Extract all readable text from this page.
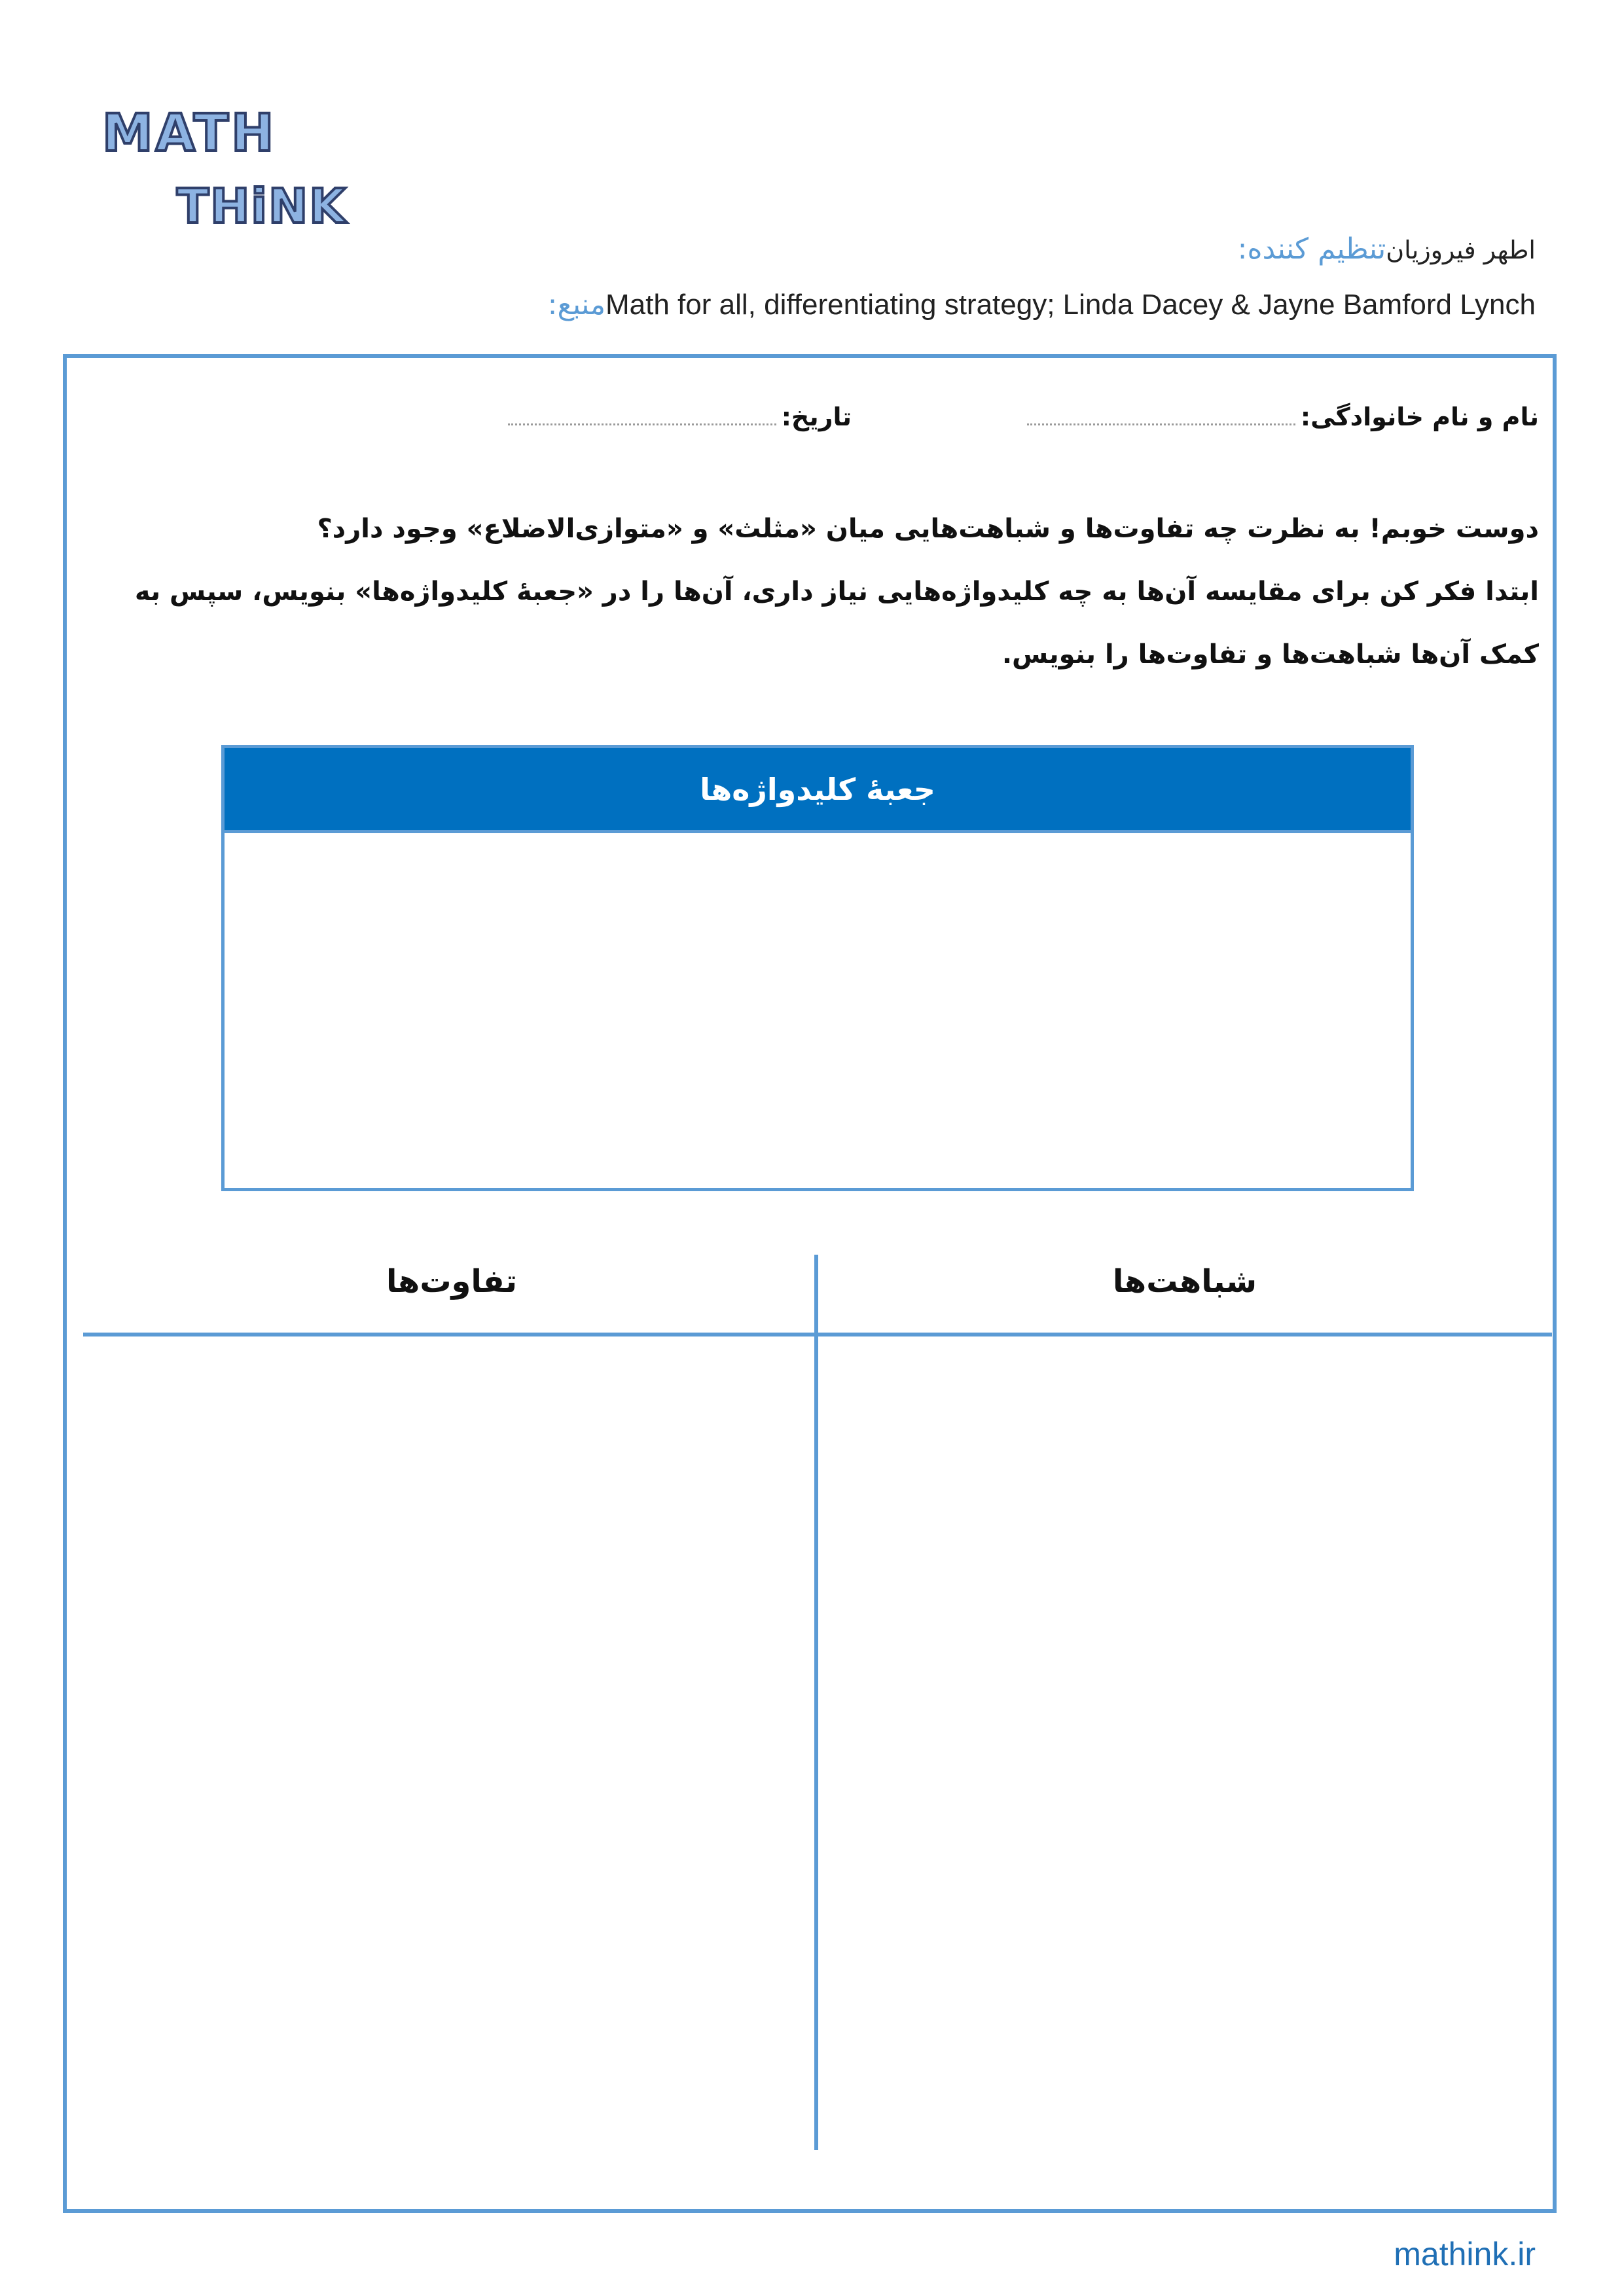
MATH
THiNK
تنظیم کننده: اطهر فیروزیان
منبع: Math for all, differentiating strategy; Linda Dacey & Jayne Bamford Lynch
نام و نام خانوادگی:
تاریخ:

دوست خوبم! به نظرت چه تفاوت‌ها و شباهت‌هایی میان «مثلث» و «متوازی‌الاضلاع» وجود دارد؟

ابتدا فکر کن برای مقایسه آن‌ها به چه کلیدواژه‌هایی نیاز داری، آن‌ها را در «جعبۀ کلیدواژه‌ها» بنویس، سپس به کمک آن‌ها شباهت‌ها و تفاوت‌ها را بنویس.

جعبۀ کلیدواژه‌ها
شباهت‌ها
تفاوت‌ها
mathink.ir
